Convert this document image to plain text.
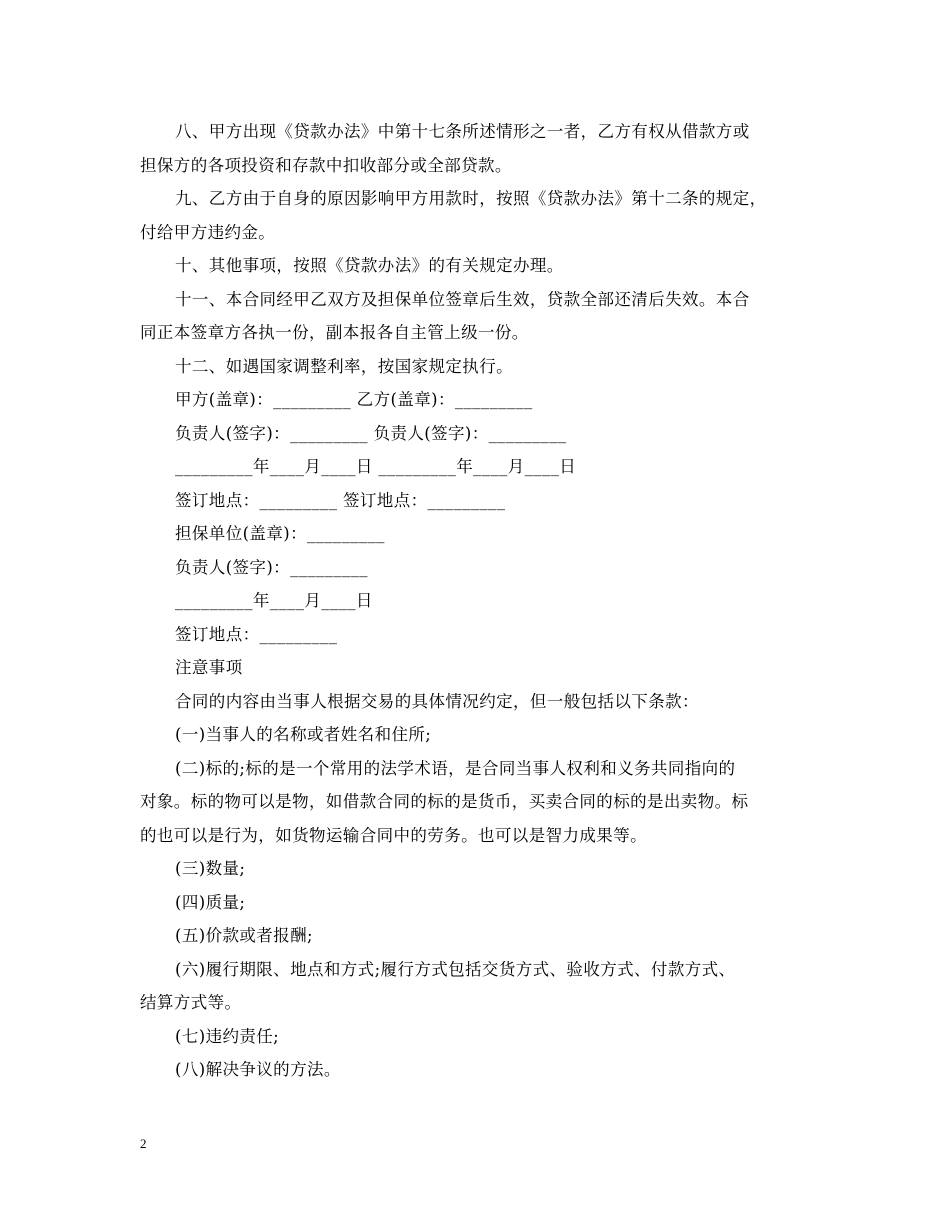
八、甲方出现《贷款办法》中第十七条所述情形之一者，乙方有权从借款方或
担保方的各项投资和存款中扣收部分或全部贷款。
九、乙方由于自身的原因影响甲方用款时，按照《贷款办法》第十二条的规定，
付给甲方违约金。
十、其他事项，按照《贷款办法》的有关规定办理。
十一、本合同经甲乙双方及担保单位签章后生效，贷款全部还清后失效。本合
同正本签章方各执一份，副本报各自主管上级一份。
十二、如遇国家调整利率，按国家规定执行。
甲方(盖章)：_________ 乙方(盖章)：_________
负责人(签字)：_________ 负责人(签字)：_________
_________年____月____日 _________年____月____日
签订地点：_________ 签订地点：_________
担保单位(盖章)：_________
负责人(签字)：_________
_________年____月____日
签订地点：_________
注意事项
合同的内容由当事人根据交易的具体情况约定，但一般包括以下条款：
(一)当事人的名称或者姓名和住所;
(二)标的;标的是一个常用的法学术语，是合同当事人权利和义务共同指向的
对象。标的物可以是物，如借款合同的标的是货币，买卖合同的标的是出卖物。标
的也可以是行为，如货物运输合同中的劳务。也可以是智力成果等。
(三)数量;
(四)质量;
(五)价款或者报酬;
(六)履行期限、地点和方式;履行方式包括交货方式、验收方式、付款方式、
结算方式等。
(七)违约责任;
(八)解决争议的方法。
2
